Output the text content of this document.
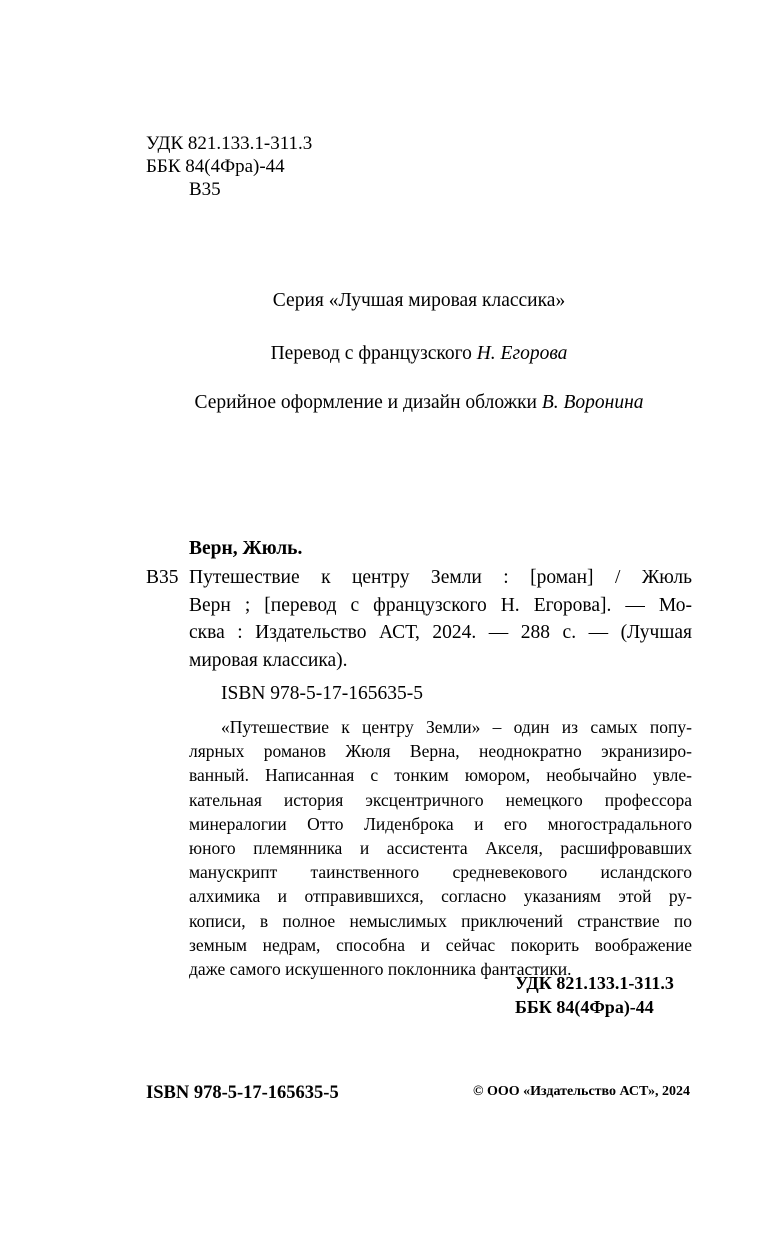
УДК 821.133.1-311.3
ББК 84(4Фра)-44
В35

Серия «Лучшая мировая классика»

Перевод с французского Н. Егорова

Серийное оформление и дизайн обложки В. Воронина

Верн, Жюль.

В35 Путешествие к центру Земли : [роман] / Жюль
Верн ; [перевод с французского Н. Егорова]. — Мо-
сква : Издательство АСТ, 2024. — 288 с. — (Лучшая
мировая классика).

ISBN 978-5-17-165635-5

«Путешествие к центру Земли» – один из самых попу-
лярных романов Жюля Верна, неоднократно экранизиро-
ванный. Написанная с тонким юмором, необычайно увле-
кательная история эксцентричного немецкого профессора
минералогии Отто Лиденброка и его многострадального
юного племянника и ассистента Акселя, расшифровавших
манускрипт таинственного средневекового исландского
алхимика и отправившихся, согласно указаниям этой ру-
кописи, в полное немыслимых приключений странствие по
земным недрам, способна и сейчас покорить воображение
даже самого искушенного поклонника фантастики.
УДК 821.133.1-311.3
ББК 84(4Фра)-44

ISBN 978-5-17-165635-5	© ООО «Издательство АСТ», 2024
